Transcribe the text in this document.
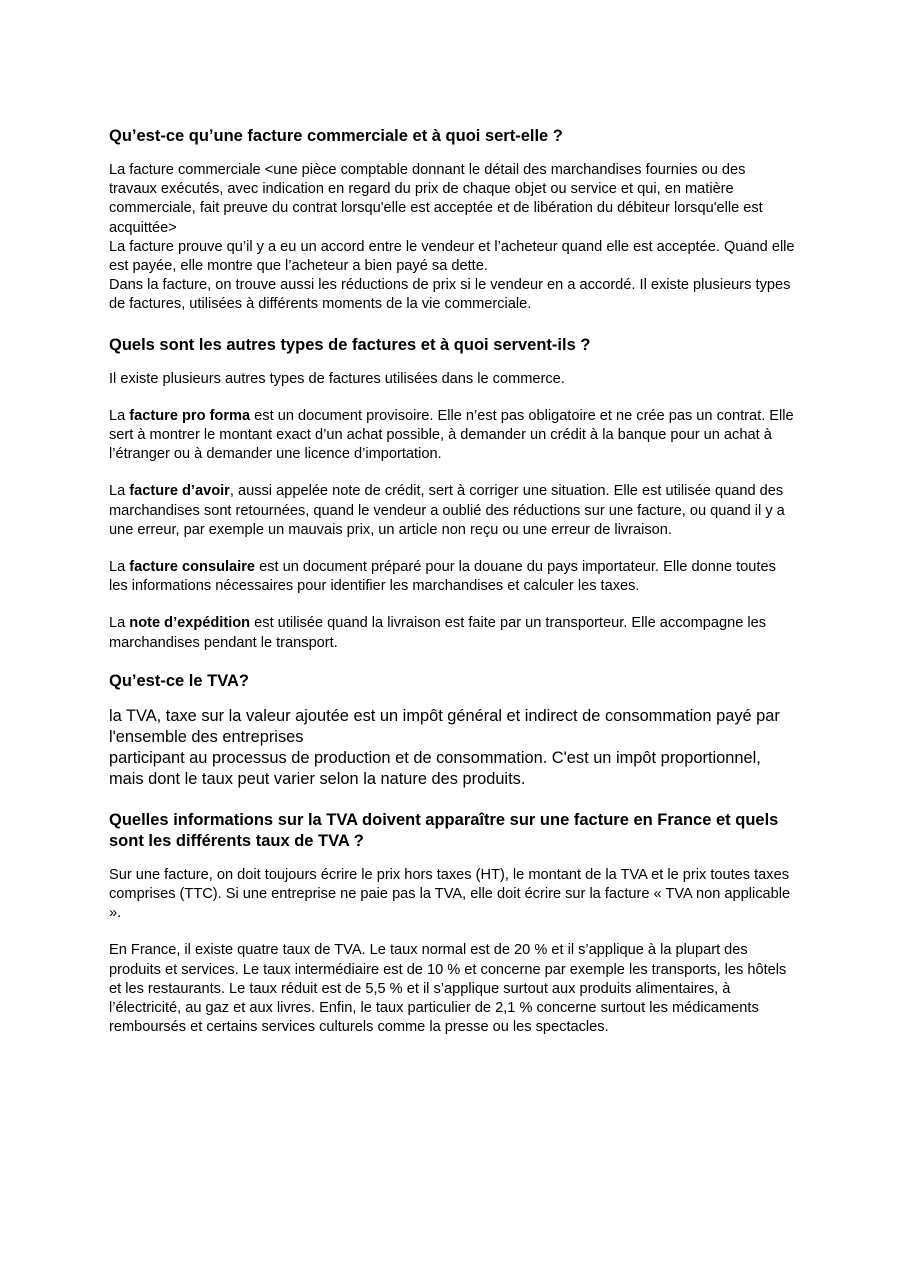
Qu’est-ce qu’une facture commerciale et à quoi sert-elle ?

La facture commerciale <une pièce comptable donnant le détail des marchandises fournies ou des travaux exécutés, avec indication en regard du prix de chaque objet ou service et qui, en matière commerciale, fait preuve du contrat lorsqu'elle est acceptée et de libération du débiteur lorsqu'elle est acquittée>

La facture prouve qu’il y a eu un accord entre le vendeur et l’acheteur quand elle est acceptée. Quand elle est payée, elle montre que l’acheteur a bien payé sa dette.

Dans la facture, on trouve aussi les réductions de prix si le vendeur en a accordé. Il existe plusieurs types de factures, utilisées à différents moments de la vie commerciale.

Quels sont les autres types de factures et à quoi servent-ils ?

Il existe plusieurs autres types de factures utilisées dans le commerce.

La facture pro forma est un document provisoire. Elle n’est pas obligatoire et ne crée pas un contrat. Elle sert à montrer le montant exact d’un achat possible, à demander un crédit à la banque pour un achat à l’étranger ou à demander une licence d’importation.

La facture d’avoir, aussi appelée note de crédit, sert à corriger une situation. Elle est utilisée quand des marchandises sont retournées, quand le vendeur a oublié des réductions sur une facture, ou quand il y a une erreur, par exemple un mauvais prix, un article non reçu ou une erreur de livraison.

La facture consulaire est un document préparé pour la douane du pays importateur. Elle donne toutes les informations nécessaires pour identifier les marchandises et calculer les taxes.

La note d’expédition est utilisée quand la livraison est faite par un transporteur. Elle accompagne les marchandises pendant le transport.

Qu’est-ce le TVA?

la TVA, taxe sur la valeur ajoutée est un impôt général et indirect de consommation payé par l'ensemble des entreprises

participant au processus de production et de consommation. C'est un impôt proportionnel, mais dont le taux peut varier selon la nature des produits.

Quelles informations sur la TVA doivent apparaître sur une facture en France et quels sont les différents taux de TVA ?

Sur une facture, on doit toujours écrire le prix hors taxes (HT), le montant de la TVA et le prix toutes taxes comprises (TTC). Si une entreprise ne paie pas la TVA, elle doit écrire sur la facture « TVA non applicable ».

En France, il existe quatre taux de TVA. Le taux normal est de 20 % et il s’applique à la plupart des produits et services. Le taux intermédiaire est de 10 % et concerne par exemple les transports, les hôtels et les restaurants. Le taux réduit est de 5,5 % et il s’applique surtout aux produits alimentaires, à l’électricité, au gaz et aux livres. Enfin, le taux particulier de 2,1 % concerne surtout les médicaments remboursés et certains services culturels comme la presse ou les spectacles.
